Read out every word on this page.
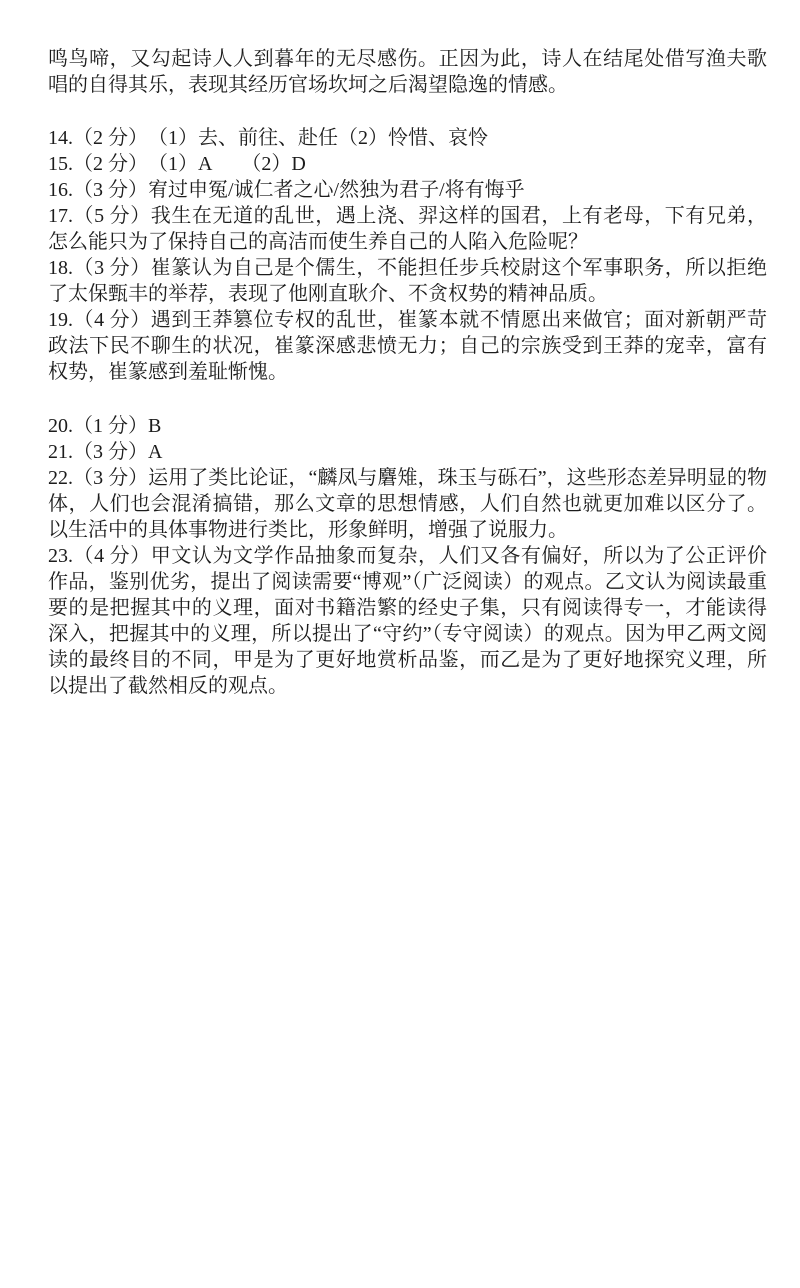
鸣鸟啼，又勾起诗人人到暮年的无尽感伤。正因为此，诗人在结尾处借写渔夫歌唱的自得其乐，表现其经历官场坎坷之后渴望隐逸的情感。

14.（2 分）　（1）去、前往、赴任（2）怜惜、哀怜

15.（2 分）　（1）A　　（2）D

16.（3 分）宥过申冤/诚仁者之心/然独为君子/将有悔乎

17.（5 分）我生在无道的乱世，遇上浇、羿这样的国君，上有老母，下有兄弟，怎么能只为了保持自己的高洁而使生养自己的人陷入危险呢？

18.（3 分）崔篆认为自己是个儒生，不能担任步兵校尉这个军事职务，所以拒绝了太保甄丰的举荐，表现了他刚直耿介、不贪权势的精神品质。

19.（4 分）遇到王莽篡位专权的乱世，崔篆本就不情愿出来做官；面对新朝严苛政法下民不聊生的状况，崔篆深感悲愤无力；自己的宗族受到王莽的宠幸，富有权势，崔篆感到羞耻惭愧。

20.（1 分）B

21.（3 分）A

22.（3 分）运用了类比论证，“麟凤与麏雉，珠玉与砾石”，这些形态差异明显的物体，人们也会混淆搞错，那么文章的思想情感，人们自然也就更加难以区分了。以生活中的具体事物进行类比，形象鲜明，增强了说服力。

23.（4 分）甲文认为文学作品抽象而复杂，人们又各有偏好，所以为了公正评价作品，鉴别优劣，提出了阅读需要“博观”（广泛阅读）的观点。乙文认为阅读最重要的是把握其中的义理，面对书籍浩繁的经史子集，只有阅读得专一，才能读得深入，把握其中的义理，所以提出了“守约”（专守阅读）的观点。因为甲乙两文阅读的最终目的不同，甲是为了更好地赏析品鉴，而乙是为了更好地探究义理，所以提出了截然相反的观点。
